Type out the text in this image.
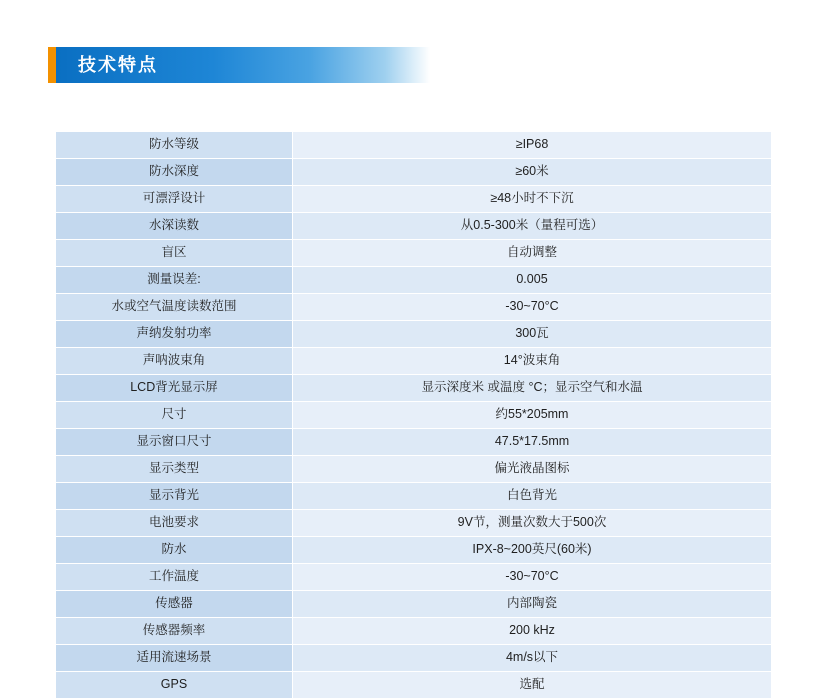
技术特点
防水等级	≥IP68
防水深度	≥60米
可漂浮设计	≥48小时不下沉
水深读数	从0.5-300米（量程可选）
盲区	自动调整
测量误差:	0.005
水或空气温度读数范围	-30~70°C
声纳发射功率	300瓦
声呐波束角	14°波束角
LCD背光显示屏	显示深度米 或温度 °C；显示空气和水温
尺寸	约55*205mm
显示窗口尺寸	47.5*17.5mm
显示类型	偏光液晶图标
显示背光	白色背光
电池要求	9V节，测量次数大于500次
防水	IPX-8~200英尺(60米)
工作温度	-30~70°C
传感器	内部陶瓷
传感器频率	200 kHz
适用流速场景	4m/s以下
GPS	选配
